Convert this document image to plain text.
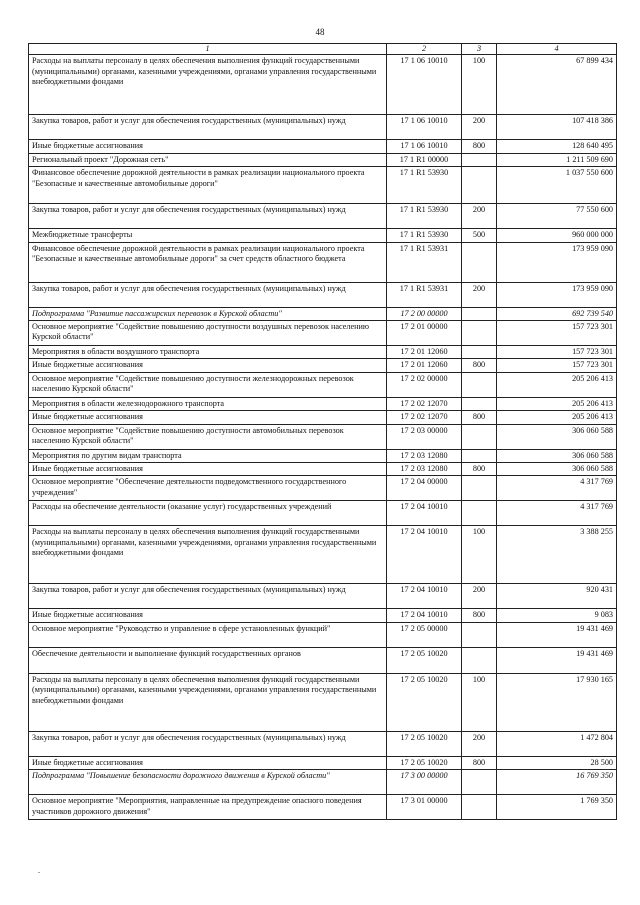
48
1	2	3	4
Расходы на выплаты персоналу в целях обеспечения выполнения функций государственными (муниципальными) органами, казенными учреждениями, органами управления государственными внебюджетными фондами	17 1 06 10010	100	67 899 434
Закупка товаров, работ и услуг для обеспечения государственных (муниципальных) нужд	17 1 06 10010	200	107 418 386
Иные бюджетные ассигнования	17 1 06 10010	800	128 640 495
Региональный проект "Дорожная сеть"	17 1 R1 00000		1 211 509 690
Финансовое обеспечение дорожной деятельности в рамках реализации национального проекта "Безопасные и качественные автомобильные дороги"	17 1 R1 53930		1 037 550 600
Закупка товаров, работ и услуг для обеспечения государственных (муниципальных) нужд	17 1 R1 53930	200	77 550 600
Межбюджетные трансферты	17 1 R1 53930	500	960 000 000
Финансовое обеспечение дорожной деятельности в рамках реализации национального проекта "Безопасные и качественные автомобильные дороги" за счет средств областного бюджета	17 1 R1 53931		173 959 090
Закупка товаров, работ и услуг для обеспечения государственных (муниципальных) нужд	17 1 R1 53931	200	173 959 090
Подпрограмма "Развитие пассажирских перевозок в Курской области"	17 2 00 00000		692 739 540
Основное мероприятие "Содействие повышению доступности воздушных перевозок населению Курской области"	17 2 01 00000		157 723 301
Мероприятия в области воздушного транспорта	17 2 01 12060		157 723 301
Иные бюджетные ассигнования	17 2 01 12060	800	157 723 301
Основное мероприятие "Содействие повышению доступности железнодорожных перевозок населению Курской области"	17 2 02 00000		205 206 413
Мероприятия в области железнодорожного транспорта	17 2 02 12070		205 206 413
Иные бюджетные ассигнования	17 2 02 12070	800	205 206 413
Основное мероприятие "Содействие повышению доступности автомобильных перевозок населению Курской области"	17 2 03 00000		306 060 588
Мероприятия по другим видам транспорта	17 2 03 12080		306 060 588
Иные бюджетные ассигнования	17 2 03 12080	800	306 060 588
Основное мероприятие "Обеспечение деятельности подведомственного государственного учреждения"	17 2 04 00000		4 317 769
Расходы на обеспечение деятельности (оказание услуг) государственных учреждений	17 2 04 10010		4 317 769
Расходы на выплаты персоналу в целях обеспечения выполнения функций государственными (муниципальными) органами, казенными учреждениями, органами управления государственными внебюджетными фондами	17 2 04 10010	100	3 388 255
Закупка товаров, работ и услуг для обеспечения государственных (муниципальных) нужд	17 2 04 10010	200	920 431
Иные бюджетные ассигнования	17 2 04 10010	800	9 083
Основное мероприятие "Руководство и управление в сфере установленных функций"	17 2 05 00000		19 431 469
Обеспечение деятельности и выполнение функций государственных органов	17 2 05 10020		19 431 469
Расходы на выплаты персоналу в целях обеспечения выполнения функций государственными (муниципальными) органами, казенными учреждениями, органами управления государственными внебюджетными фондами	17 2 05 10020	100	17 930 165
Закупка товаров, работ и услуг для обеспечения государственных (муниципальных) нужд	17 2 05 10020	200	1 472 804
Иные бюджетные ассигнования	17 2 05 10020	800	28 500
Подпрограмма "Повышение безопасности дорожного движения в Курской области"	17 3 00 00000		16 769 350
Основное мероприятие "Мероприятия, направленные на предупреждение опасного поведения участников дорожного движения"	17 3 01 00000		1 769 350
.
